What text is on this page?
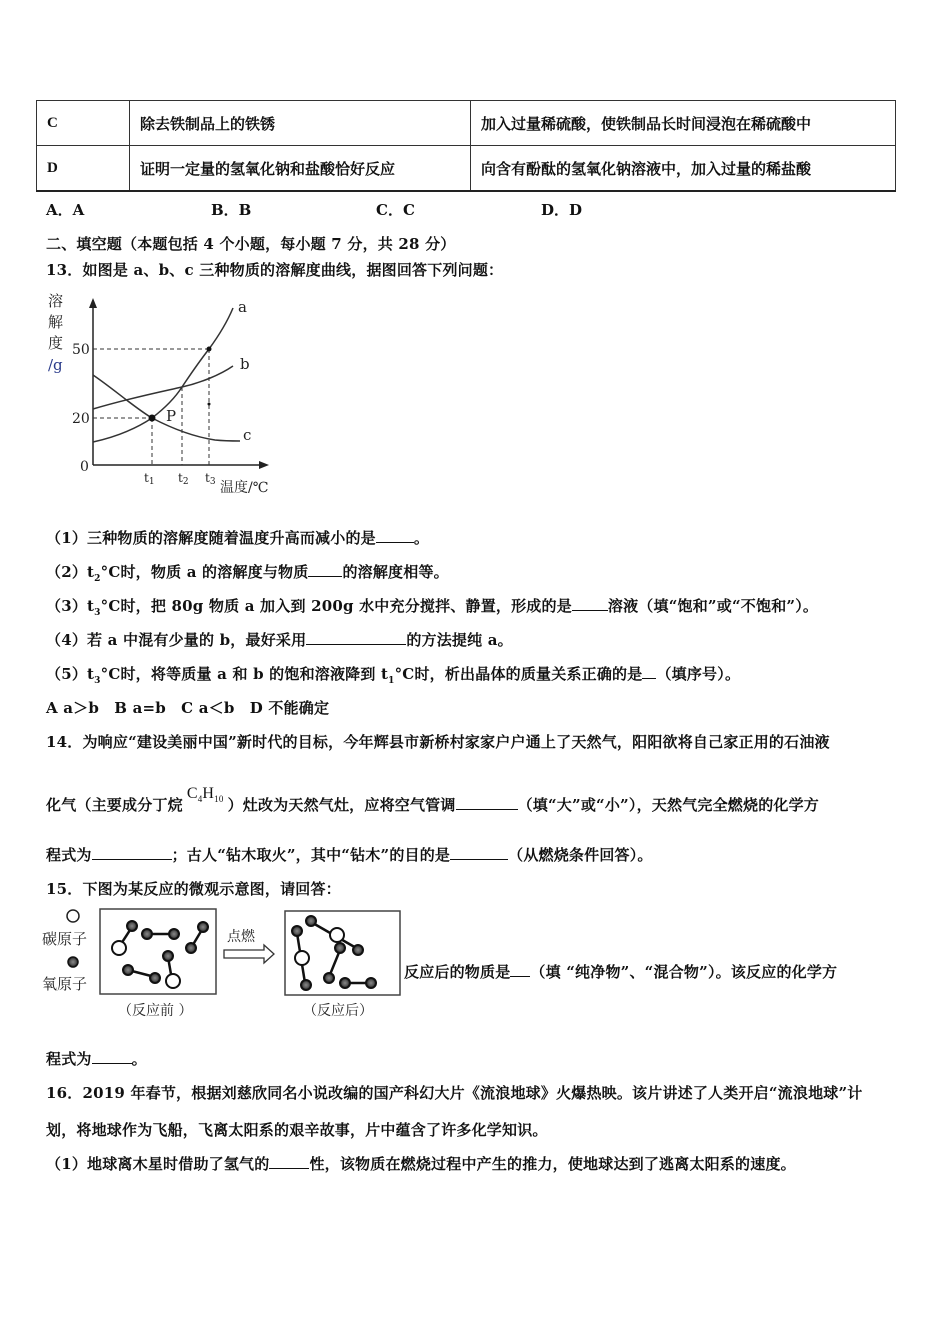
C	除去铁制品上的铁锈	加入过量稀硫酸，使铁制品长时间浸泡在稀硫酸中
D	证明一定量的氢氧化钠和盐酸恰好反应	向含有酚酞的氢氧化钠溶液中，加入过量的稀盐酸
A．A	B．B	C．C	D．D
二、填空题（本题包括 4 个小题，每小题 7 分，共 28 分）
13．如图是 a、b、c 三种物质的溶解度曲线，据图回答下列问题：
溶
解
度
/g
50
20
0
t1 t2 t3 温度/℃
a
b
c
P
（1）三种物质的溶解度随着温度升高而减小的是	。
$(2)t_2^\circ C$时，物质 a 的溶解度与物质 的溶解度相等。
$(3)t_3^\circ C$时，把 80g 物质 a 加入到 200g 水中充分搅拌、静置，形成的是 溶液（填“饱和”或“不饱和”）。
（4）若 a 中混有少量的 b，最好采用	的方法提纯 a。
$(5)t_3^\circ C$时，将等质量 a 和 b 的饱和溶液降到 $t_1^\circ C$时，析出晶体的质量关系正确的是 （填序号）。
A a＞b　B a=b　C a＜b　D 不能确定
14．为响应“建设美丽中国”新时代的目标，今年辉县市新桥村家家户户通上了天然气，阳阳欲将自己家正用的石油液
化气（主要成分丁烷$C_4H_{10}$ ）灶改为天然气灶，应将空气管调	（填“大”或“小”），天然气完全燃烧的化学方
程式为	；古人“钻木取火”，其中“钻木”的目的是	（从燃烧条件回答）。
15．下图为某反应的微观示意图，请回答：
碳原子
氧原子
点燃
（反应前 ）	（反应后）
反应后的物质是 （填 “纯净物”、“混合物”）。该反应的化学方
程式为	。
16．2019 年春节，根据刘慈欣同名小说改编的国产科幻大片《流浪地球》火爆热映。该片讲述了人类开启“流浪地球”计
划，将地球作为飞船，飞离太阳系的艰辛故事，片中蕴含了许多化学知识。
（1）地球离木星时借助了氢气的	性，该物质在燃烧过程中产生的推力，使地球达到了逃离太阳系的速度。
